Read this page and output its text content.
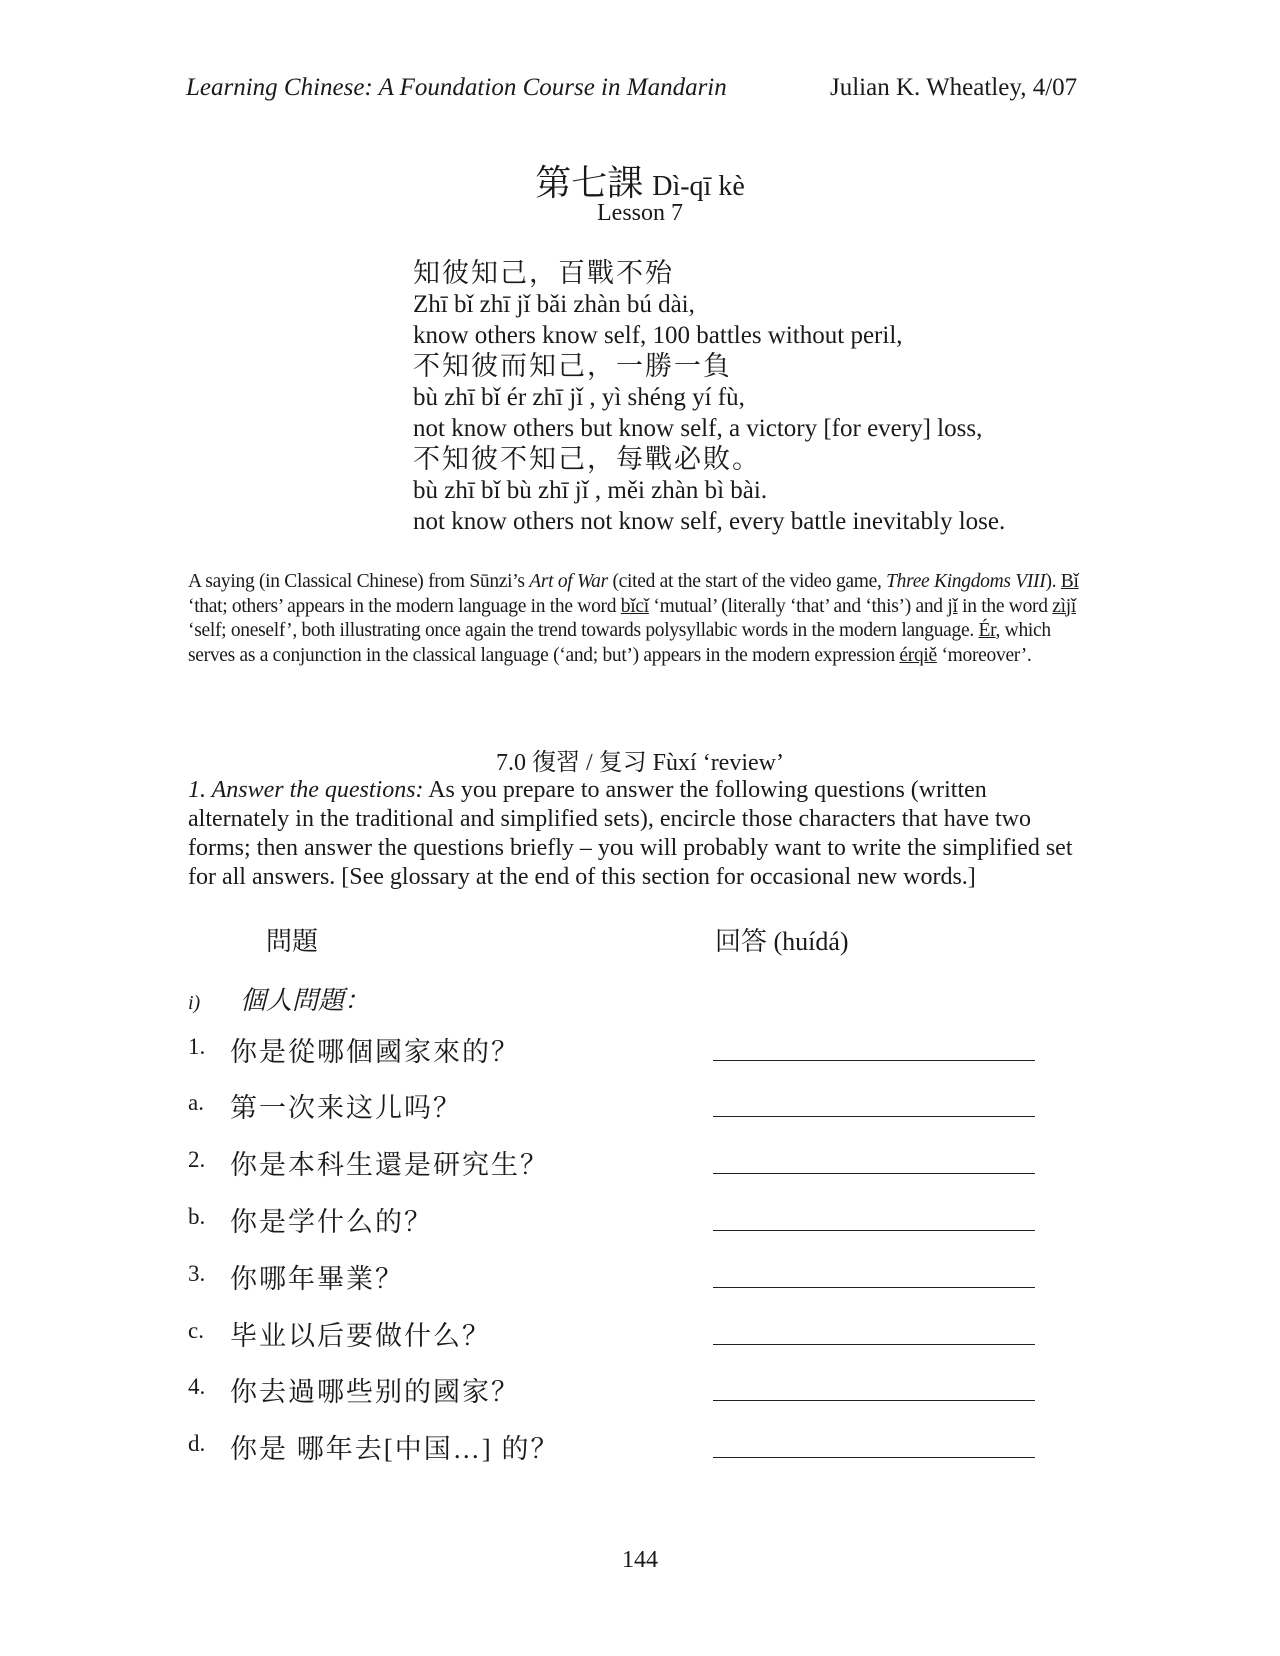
Learning Chinese: A Foundation Course in Mandarin	Julian K. Wheatley, 4/07
第七課 Dì-qī kè
Lesson 7
知彼知己，百戰不殆
Zhī bǐ zhī jǐ bǎi zhàn bú dài,
know others know self, 100 battles without peril,
不知彼而知己，一勝一負
bù zhī bǐ ér zhī jǐ , yì shéng yí fù,
not know others but know self, a victory [for every] loss,
不知彼不知己，每戰必敗。
bù zhī bǐ bù zhī jǐ , měi zhàn bì bài.
not know others not know self, every battle inevitably lose.
A saying (in Classical Chinese) from Sūnzi’s Art of War (cited at the start of the video game, Three Kingdoms VIII). Bǐ ‘that; others’ appears in the modern language in the word bǐcǐ ‘mutual’ (literally ‘that’ and ‘this’) and jǐ in the word zìjǐ ‘self; oneself’, both illustrating once again the trend towards polysyllabic words in the modern language. Ér, which serves as a conjunction in the classical language (‘and; but’) appears in the modern expression érqiě ‘moreover’.
7.0 復習 / 复习 Fùxí ‘review’
1. Answer the questions: As you prepare to answer the following questions (written alternately in the traditional and simplified sets), encircle those characters that have two forms; then answer the questions briefly – you will probably want to write the simplified set for all answers. [See glossary at the end of this section for occasional new words.]
問題	回答 (huídá)
i) 個人問題：
1. 你是從哪個國家來的？
a. 第一次来这儿吗？
2. 你是本科生還是研究生？
b. 你是学什么的？
3. 你哪年畢業？
c. 毕业以后要做什么？
4. 你去過哪些别的國家？
d. 你是 哪年去[中国…] 的？
144
